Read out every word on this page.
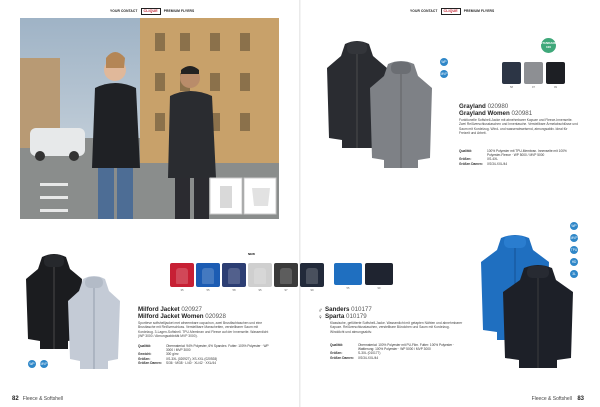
YOUR CONTACT	CLIQUE	PREMIUM FLYERS
35	55	58	95	97	99
NEW
WP	MVP
Milford Jacket 020927
Milford Jacket Women 020928
Sportieve softshelljacket met afneembare capuchon, zwei Brustfachtaschen und eine Brusttasche mit Reißverschluss. Verstellbare Manschetten, verstellbarer Saum mit Kordelzug. 3-Lagen-Softshell. TPU-Membran und Fleece auf der Innenseite. Wasserdicht (WP 3000 / Atmungsaktivität MVP 3000).
Qualität:	Obermaterial: 94% Polyester, 6% Spandex. Futter: 100% Polyester · WP 3000 / MVP 3000
Gewicht:	300 g/m²
Größen:	XS-3XL (020927), XS-XXL (020928)
Größen Damen:	S/36 · M/38 · L/40 · XL/42 · XXL/44
82 Fleece & Softshell
YOUR CONTACT	CLIQUE	PREMIUM FLYERS
STANDARD 100
58	97	99
WP
MVP
Grayland 020980
Grayland Women 020981
Funktionelle Softshell-Jacke mit abnehmbarer Kapuze und Fleece-Innenseite. Zwei Reißverschlusstaschen und Innentasche. Verstellbare Ärmelabschlüsse und Saum mit Kordelzug. Wind- und wasserabweisend, atmungsaktiv. Ideal für Freizeit und Arbeit.
Qualität:	100% Polyester mit TPU-Membran. Innenseite mit 100% Polyester-Fleece · WP 5000 / MVP 5000
Größen:	XS-4XL
Größen Damen:	XS/34-XXL/44
55	99
♂ Sanders 010177
♀ Sparta 010179
Klassische, gefütterte Softshell-Jacke. Wasserdicht mit getapten Nähten und abnehmbarer Kapuze. Reißverschlusstaschen, verstellbare Bündchen und Saum mit Kordelzug. Winddicht und atmungsaktiv.
Qualität:	Obermaterial: 100% Polyester mit PU-Film. Futter: 100% Polyester · Wattierung: 100% Polyester · WP 5000 / MVP 3000
Größen:	S-3XL (010177)
Größen Damen:	XS/34-XXL/44
WP
MVP
TPU
HD
3L
Fleece & Softshell 83
